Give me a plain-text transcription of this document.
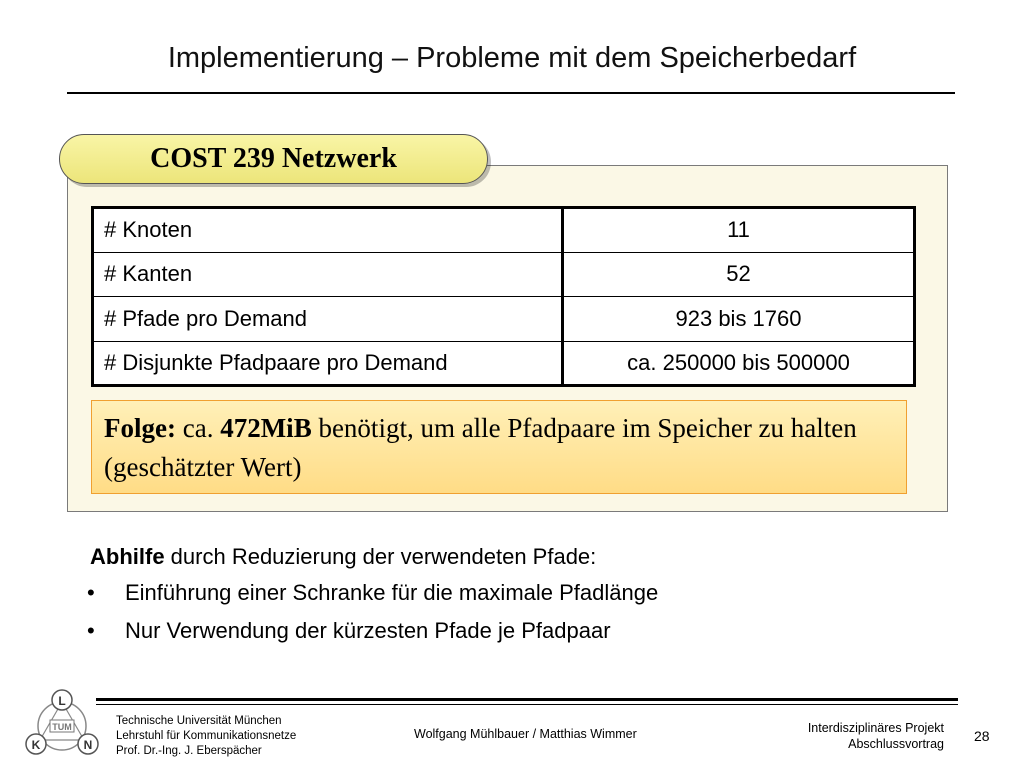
Implementierung – Probleme mit dem Speicherbedarf
COST 239 Netzwerk
# Knoten	11
# Kanten	52
# Pfade pro Demand	923 bis 1760
# Disjunkte Pfadpaare pro Demand	ca. 250000 bis 500000
Folge: ca. 472MiB benötigt, um alle Pfadpaare im Speicher zu halten (geschätzter Wert)

Abhilfe durch Reduzierung der verwendeten Pfade:

• Einführung einer Schranke für die maximale Pfadlänge
• Nur Verwendung der kürzesten Pfade je Pfadpaar
L
K	N
TUM	Technische Universität München
Lehrstuhl für Kommunikationsnetze
Prof. Dr.-Ing. J. Eberspächer
Wolfgang Mühlbauer / Matthias Wimmer	Interdisziplinäres Projekt
Abschlussvortrag 28
